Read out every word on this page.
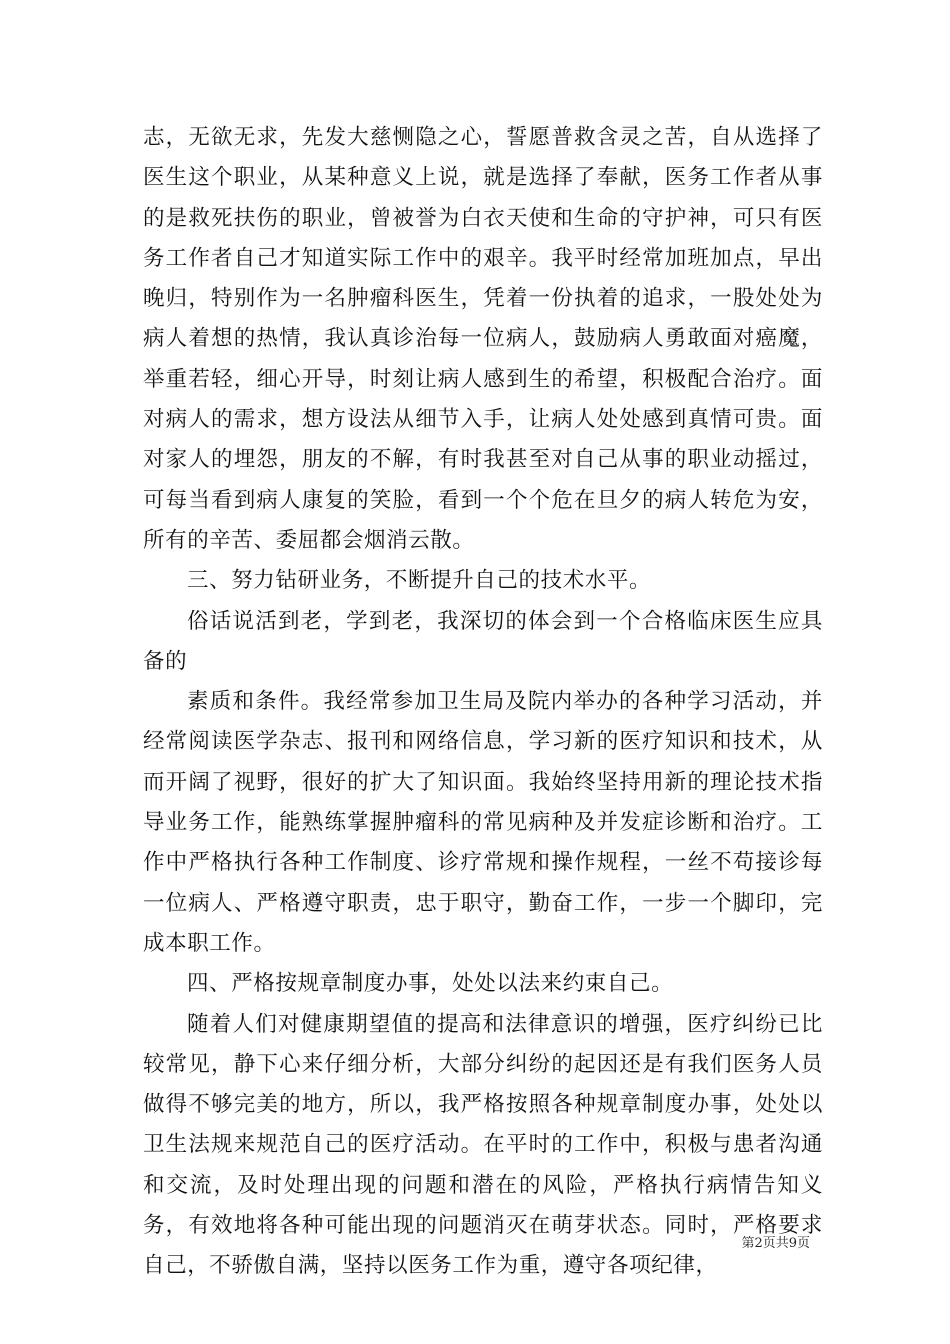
志，无欲无求，先发大慈恻隐之心，誓愿普救含灵之苦，自从选择了医生这个职业，从某种意义上说，就是选择了奉献，医务工作者从事的是救死扶伤的职业，曾被誉为白衣天使和生命的守护神，可只有医务工作者自己才知道实际工作中的艰辛。我平时经常加班加点，早出晚归，特别作为一名肿瘤科医生，凭着一份执着的追求，一股处处为病人着想的热情，我认真诊治每一位病人，鼓励病人勇敢面对癌魔，举重若轻，细心开导，时刻让病人感到生的希望，积极配合治疗。面对病人的需求，想方设法从细节入手，让病人处处感到真情可贵。面对家人的埋怨，朋友的不解，有时我甚至对自己从事的职业动摇过，可每当看到病人康复的笑脸，看到一个个危在旦夕的病人转危为安，所有的辛苦、委屈都会烟消云散。

三、努力钻研业务，不断提升自己的技术水平。

俗话说活到老，学到老，我深切的体会到一个合格临床医生应具备的

素质和条件。我经常参加卫生局及院内举办的各种学习活动，并经常阅读医学杂志、报刊和网络信息，学习新的医疗知识和技术，从而开阔了视野，很好的扩大了知识面。我始终坚持用新的理论技术指导业务工作，能熟练掌握肿瘤科的常见病种及并发症诊断和治疗。工作中严格执行各种工作制度、诊疗常规和操作规程，一丝不苟接诊每一位病人、严格遵守职责，忠于职守，勤奋工作，一步一个脚印，完成本职工作。

四、严格按规章制度办事，处处以法来约束自己。

随着人们对健康期望值的提高和法律意识的增强，医疗纠纷已比较常见，静下心来仔细分析，大部分纠纷的起因还是有我们医务人员做得不够完美的地方，所以，我严格按照各种规章制度办事，处处以卫生法规来规范自己的医疗活动。在平时的工作中，积极与患者沟通和交流，及时处理出现的问题和潜在的风险，严格执行病情告知义务，有效地将各种可能出现的问题消灭在萌芽状态。同时，严格要求自己，不骄傲自满，坚持以医务工作为重，遵守各项纪律，

第2页共9页
